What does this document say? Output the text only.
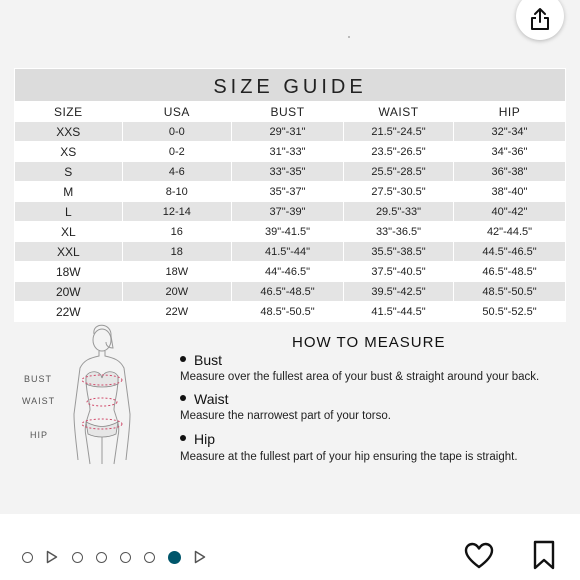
SIZE GUIDE				
SIZE	USA	BUST	WAIST	HIP
XXS	0-0	29"-31"	21.5"-24.5"	32"-34"
XS	0-2	31"-33"	23.5"-26.5"	34"-36"
S	4-6	33"-35"	25.5"-28.5"	36"-38"
M	8-10	35"-37"	27.5"-30.5"	38"-40"
L	12-14	37"-39"	29.5"-33"	40"-42"
XL	16	39"-41.5"	33"-36.5"	42"-44.5"
XXL	18	41.5"-44"	35.5"-38.5"	44.5"-46.5"
18W	18W	44"-46.5"	37.5"-40.5"	46.5"-48.5"
20W	20W	46.5"-48.5"	39.5"-42.5"	48.5"-50.5"
22W	22W	48.5"-50.5"	41.5"-44.5"	50.5"-52.5"
BUST
WAIST
HIP
HOW TO MEASURE
Bust
Measure over the fullest area of your bust & straight around your back.
Waist
Measure the narrowest part of your torso.
Hip
Measure at the fullest part of your hip ensuring the tape is straight.
